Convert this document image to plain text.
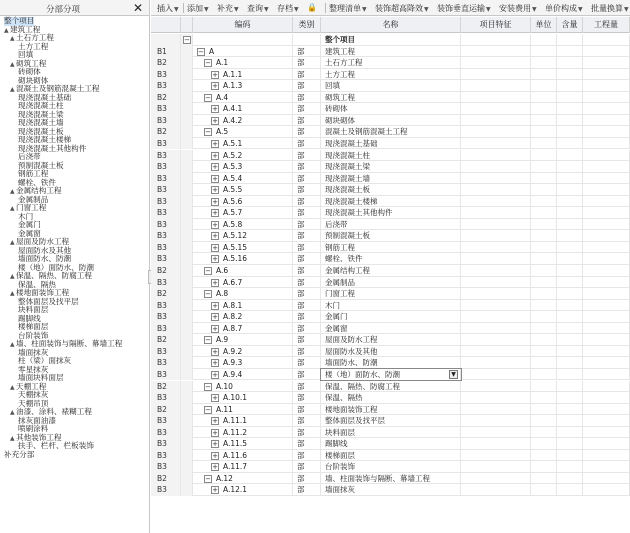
分部分项	✕
整个项目
▲建筑工程
▲土石方工程
土方工程
回填
▲砌筑工程
砖砌体
砌块砌体
▲混凝土及钢筋混凝土工程
现浇混凝土基础
现浇混凝土柱
现浇混凝土梁
现浇混凝土墙
现浇混凝土板
现浇混凝土楼梯
现浇混凝土其他构件
后浇带
预制混凝土板
钢筋工程
螺栓、铁件
▲金属结构工程
金属制品
▲门窗工程
木门
金属门
金属窗
▲屋面及防水工程
屋面防水及其他
墙面防水、防潮
楼（地）面防水、防潮
▲保温、隔热、防腐工程
保温、隔热
▲楼地面装饰工程
整体面层及找平层
块料面层
踢脚线
楼梯面层
台阶装饰
▲墙、柱面装饰与隔断、幕墙工程
墙面抹灰
柱（梁）面抹灰
零星抹灰
墙面块料面层
▲天棚工程
天棚抹灰
天棚吊顶
▲油漆、涂料、裱糊工程
抹灰面油漆
喷刷涂料
▲其他装饰工程
扶手、栏杆、栏板装饰
补充分部
插入▼ 添加▼ 补充▼ 查询▼ 存档▼ 🔒 整理清单▼ 装饰超高降效▼ 装饰垂直运输▼ 安装费用▼ 单价构成▼ 批量换算▼
编码	类别	名称	项目特征	单位	含量	工程量
−	整个项目
B1	− A	部	建筑工程
B2	− A.1	部	土石方工程
B3	+ A.1.1	部	土方工程
B3	+ A.1.3	部	回填
B2	− A.4	部	砌筑工程
B3	+ A.4.1	部	砖砌体
B3	+ A.4.2	部	砌块砌体
B2	− A.5	部	混凝土及钢筋混凝土工程
B3	+ A.5.1	部	现浇混凝土基础
B3	+ A.5.2	部	现浇混凝土柱
B3	+ A.5.3	部	现浇混凝土梁
B3	+ A.5.4	部	现浇混凝土墙
B3	+ A.5.5	部	现浇混凝土板
B3	+ A.5.6	部	现浇混凝土楼梯
B3	+ A.5.7	部	现浇混凝土其他构件
B3	+ A.5.8	部	后浇带
B3	+ A.5.12	部	预制混凝土板
B3	+ A.5.15	部	钢筋工程
B3	+ A.5.16	部	螺栓、铁件
B2	− A.6	部	金属结构工程
B3	+ A.6.7	部	金属制品
B2	− A.8	部	门窗工程
B3	+ A.8.1	部	木门
B3	+ A.8.2	部	金属门
B3	+ A.8.7	部	金属窗
B2	− A.9	部	屋面及防水工程
B3	+ A.9.2	部	屋面防水及其他
B3	+ A.9.3	部	墙面防水、防潮
B3	+ A.9.4	部	楼（地）面防水、防潮	▼
B2	− A.10	部	保温、隔热、防腐工程
B3	+ A.10.1	部	保温、隔热
B2	− A.11	部	楼地面装饰工程
B3	+ A.11.1	部	整体面层及找平层
B3	+ A.11.2	部	块料面层
B3	+ A.11.5	部	踢脚线
B3	+ A.11.6	部	楼梯面层
B3	+ A.11.7	部	台阶装饰
B2	− A.12	部	墙、柱面装饰与隔断、幕墙工程
B3	+ A.12.1	部	墙面抹灰
